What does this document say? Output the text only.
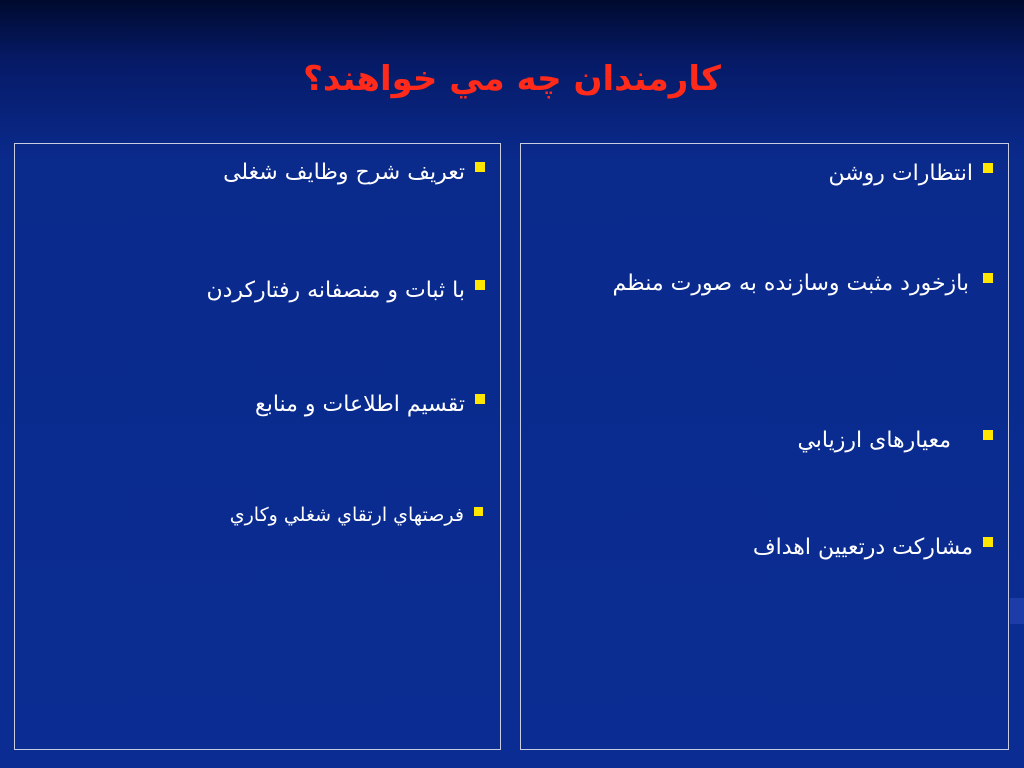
كارمندان چه مي خواهند؟
تعریف شرح وظایف شغلی
با ثبات و منصفانه رفتارکردن
تقسیم اطلاعات و منابع
فرصتهاي ارتقاي شغلي وكاري
انتظارات روشن
بازخورد مثبت وسازنده به صورت منظم
معیارهای ارزيابي
مشارکت درتعیین اهداف
